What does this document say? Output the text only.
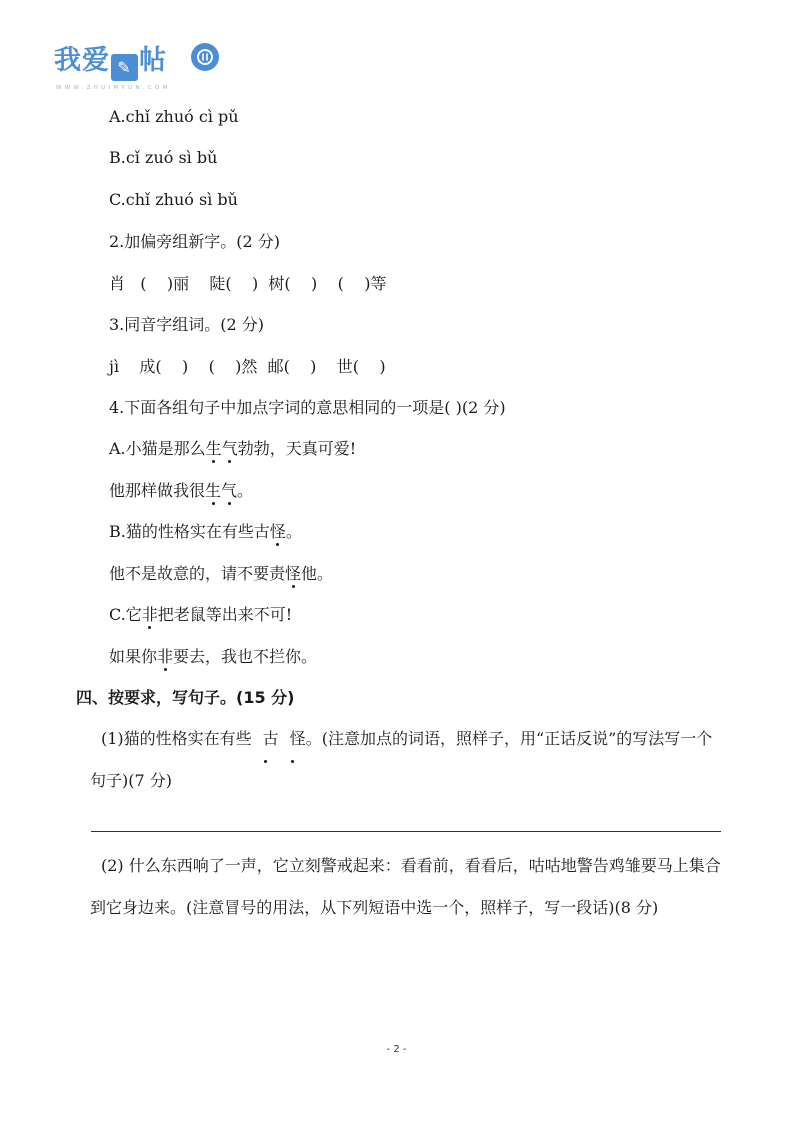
我爱 ✎ 帖
WWW.ZHUIMYUN.COM
A.chǐ zhuó cì pǔ
B.cǐ zuó sì bǔ
C.chǐ zhuó sì bǔ
2.加偏旁组新字。(2 分)
肖   (    )丽    陡(    )  树(    )    (    )等
3.同音字组词。(2 分)
jì    成(    )    (    )然  邮(    )    世(    )
4.下面各组句子中加点字词的意思相同的一项是( )(2 分)
A.小猫是那么生气勃勃，天真可爱!
他那样做我很生气。
B.猫的性格实在有些古怪。
他不是故意的，请不要责怪他。
C.它非把老鼠等出来不可!
如果你非要去，我也不拦你。
四、按要求，写句子。(15 分)
(1)猫的性格实在有些 古 怪。(注意加点的词语，照样子，用“正话反说”的写法写一个句子)(7 分)
(2) 什么东西响了一声，它立刻警戒起来：看看前，看看后，咕咕地警告鸡雏要马上集合到它身边来。(注意冒号的用法，从下列短语中选一个，照样子，写一段话)(8 分)
- 2 -
